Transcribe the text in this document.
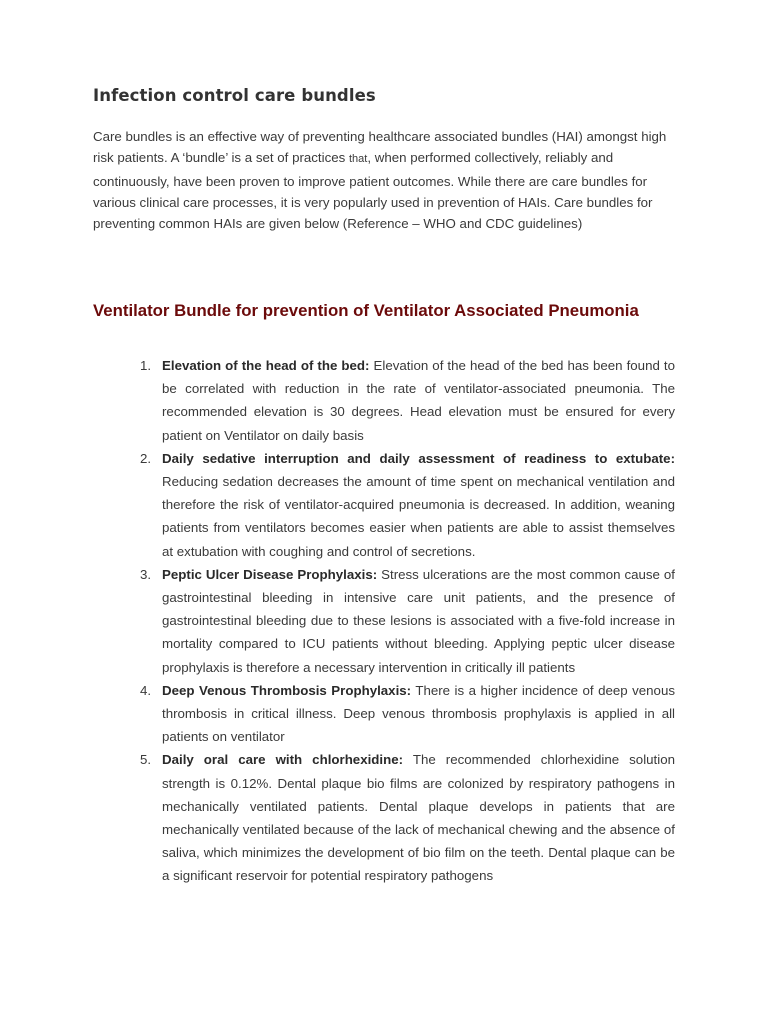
Infection control care bundles

Care bundles is an effective way of preventing healthcare associated bundles (HAI) amongst high risk patients. A ‘bundle’ is a set of practices that, when performed collectively, reliably and continuously, have been proven to improve patient outcomes. While there are care bundles for various clinical care processes, it is very popularly used in prevention of HAIs. Care bundles for preventing common HAIs are given below (Reference – WHO and CDC guidelines)

Ventilator Bundle for prevention of Ventilator Associated Pneumonia
1. Elevation of the head of the bed: Elevation of the head of the bed has been found to be correlated with reduction in the rate of ventilator-associated pneumonia. The recommended elevation is 30 degrees. Head elevation must be ensured for every patient on Ventilator on daily basis
2. Daily sedative interruption and daily assessment of readiness to extubate: Reducing sedation decreases the amount of time spent on mechanical ventilation and therefore the risk of ventilator-acquired pneumonia is decreased. In addition, weaning patients from ventilators becomes easier when patients are able to assist themselves at extubation with coughing and control of secretions.
3. Peptic Ulcer Disease Prophylaxis: Stress ulcerations are the most common cause of gastrointestinal bleeding in intensive care unit patients, and the presence of gastrointestinal bleeding due to these lesions is associated with a five-fold increase in mortality compared to ICU patients without bleeding. Applying peptic ulcer disease prophylaxis is therefore a necessary intervention in critically ill patients
4. Deep Venous Thrombosis Prophylaxis: There is a higher incidence of deep venous thrombosis in critical illness. Deep venous thrombosis prophylaxis is applied in all patients on ventilator
5. Daily oral care with chlorhexidine: The recommended chlorhexidine solution strength is 0.12%. Dental plaque bio films are colonized by respiratory pathogens in mechanically ventilated patients. Dental plaque develops in patients that are mechanically ventilated because of the lack of mechanical chewing and the absence of saliva, which minimizes the development of bio film on the teeth. Dental plaque can be a significant reservoir for potential respiratory pathogens
